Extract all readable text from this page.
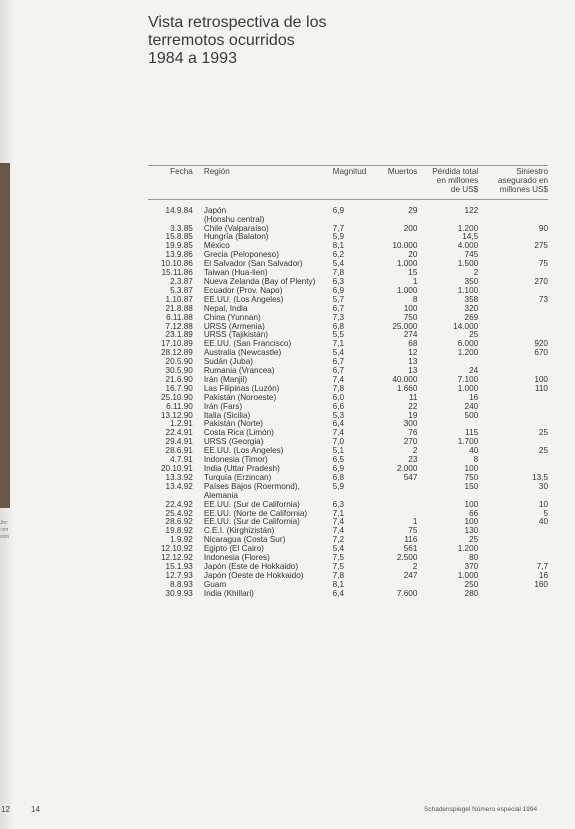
Jnc
:om
sión
Vista retrospectiva de los
terremotos ocurridos
1984 a 1993
Fecha	Región	Magnitud	Muertos	Pérdida total
en millones
de US$	Siniestro
asegurado en
millones US$

14.9.84	Japón
(Honshu central)	6,9	29	122	
3.3.85	Chile (Valparaíso)	7,7	200	1.200	90
15.8.85	Hungría (Balaton)	5,9		14,5	
19.9.85	México	8,1	10.000	4.000	275
13.9.86	Grecia (Peloponeso)	6,2	20	745	
10.10.86	El Salvador (San Salvador)	5,4	1.000	1.500	75
15.11.86	Taiwan (Hua-lien)	7,8	15	2	
2.3.87	Nueva Zelanda (Bay of Plenty)	6,3	1	350	270
5.3.87	Ecuador (Prov. Napo)	6,9	1.000	1.100	
1.10.87	EE.UU. (Los Angeles)	5,7	8	358	73
21.8.88	Nepal, India	6,7	100	320	
6.11.88	China (Yunnan)	7,3	750	269	
7.12.88	URSS (Armenia)	6,8	25.000	14.000	
23.1.89	URSS (Tajikistán)	5,5	274	25	
17.10.89	EE.UU. (San Francisco)	7,1	68	6.000	920
28.12.89	Australia (Newcastle)	5,4	12	1.200	670
20.5.90	Sudán (Juba)	6,7	13		
30.5.90	Rumania (Vrancea)	6,7	13	24	
21.6.90	Irán (Manjil)	7,4	40.000	7.100	100
16.7.90	Las Filipinas (Luzón)	7,8	1.660	1.000	110
25.10.90	Pakistán (Noroeste)	6,0	11	16	
6.11.90	Irán (Fars)	6,6	22	240	
13.12.90	Italia (Sicilia)	5,3	19	500	
1.2.91	Pakistán (Norte)	6,4	300		
22.4.91	Costa Rica (Limón)	7,4	76	115	25
29.4.91	URSS (Georgia)	7,0	270	1.700	
28.6.91	EE.UU. (Los Angeles)	5,1	2	40	25
4.7.91	Indonesia (Timor)	6,5	23	8	
20.10.91	India (Uttar Pradesh)	6,9	2.000	100	
13.3.92	Turquía (Erzincan)	6,8	547	750	13,5
13.4.92	Países Bajos (Roermond),
Alemania	5,9		150	30
22.4.92	EE.UU. (Sur de California)	6,3		100	10
25.4.92	EE.UU. (Norte de California)	7,1		66	5
28.6.92	EE.UU. (Sur de California)	7,4	1	100	40
19.8.92	C.E.I. (Kirghizistán)	7,4	75	130	
1.9.92	Nicaragua (Costa Sur)	7,2	116	25	
12.10.92	Egipto (El Cairo)	5,4	561	1.200	
12.12.92	Indonesia (Flores)	7,5	2.500	80	
15.1.93	Japón (Este de Hokkaido)	7,5	2	370	7,7
12.7.93	Japón (Oeste de Hokkaido)	7,8	247	1.000	16
8.8.93	Guam	8,1		250	160
30.9.93	India (Khillari)	6,4	7.600	280	
12	14	Schadenspiegel Número especial 1994
